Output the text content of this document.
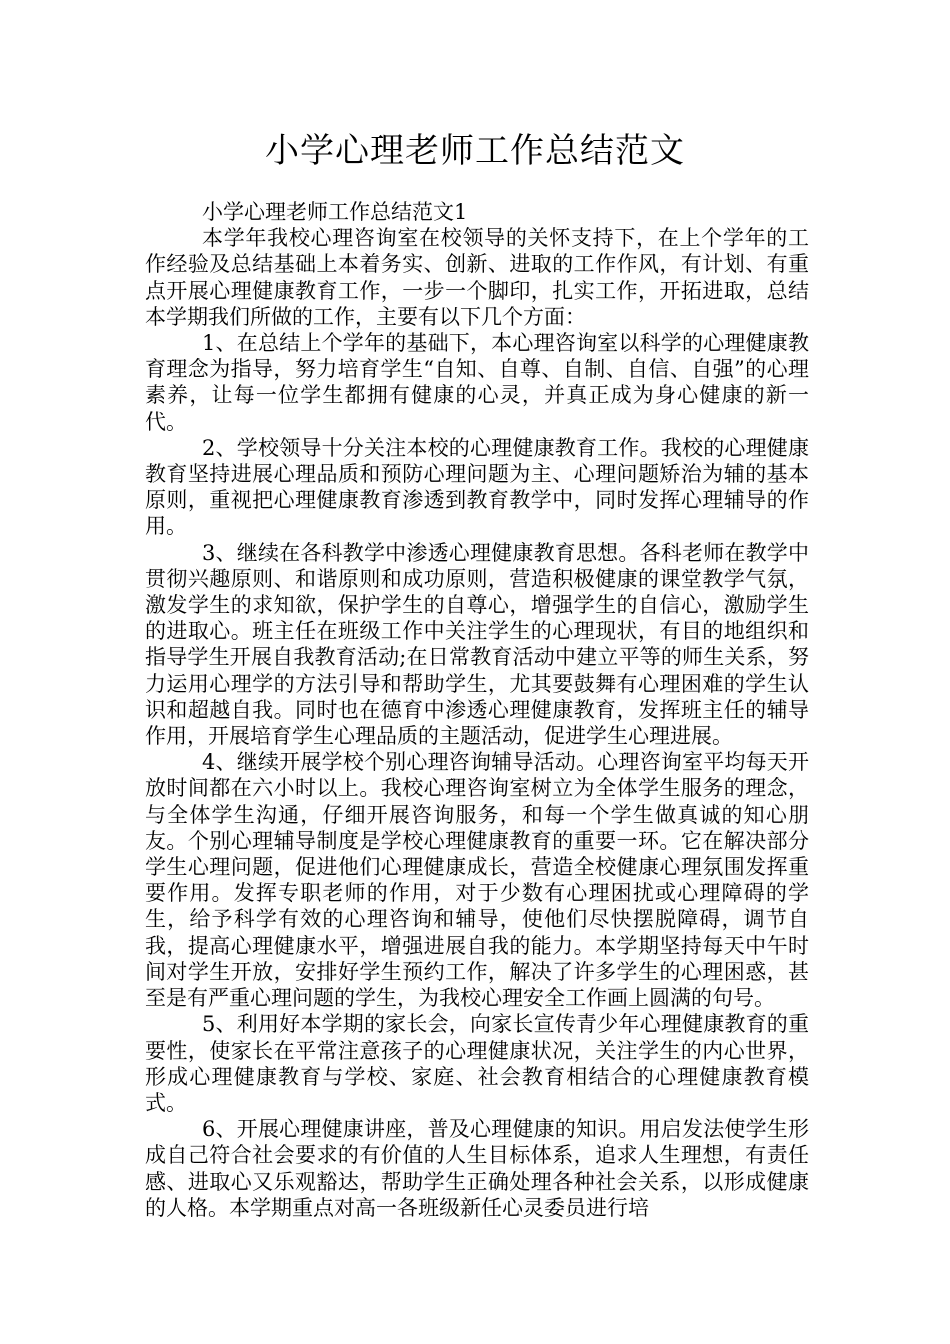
小学心理老师工作总结范文

小学心理老师工作总结范文1

本学年我校心理咨询室在校领导的关怀支持下，在上个学年的工作经验及总结基础上本着务实、创新、进取的工作作风，有计划、有重点开展心理健康教育工作，一步一个脚印，扎实工作，开拓进取，总结本学期我们所做的工作，主要有以下几个方面：

1、在总结上个学年的基础下，本心理咨询室以科学的心理健康教育理念为指导，努力培育学生“自知、自尊、自制、自信、自强”的心理素养，让每一位学生都拥有健康的心灵，并真正成为身心健康的新一代。

2、学校领导十分关注本校的心理健康教育工作。我校的心理健康教育坚持进展心理品质和预防心理问题为主、心理问题矫治为辅的基本原则，重视把心理健康教育渗透到教育教学中，同时发挥心理辅导的作用。

3、继续在各科教学中渗透心理健康教育思想。各科老师在教学中贯彻兴趣原则、和谐原则和成功原则，营造积极健康的课堂教学气氛，激发学生的求知欲，保护学生的自尊心，增强学生的自信心，激励学生的进取心。班主任在班级工作中关注学生的心理现状，有目的地组织和指导学生开展自我教育活动;在日常教育活动中建立平等的师生关系，努力运用心理学的方法引导和帮助学生，尤其要鼓舞有心理困难的学生认识和超越自我。同时也在德育中渗透心理健康教育，发挥班主任的辅导作用，开展培育学生心理品质的主题活动，促进学生心理进展。

4、继续开展学校个别心理咨询辅导活动。心理咨询室平均每天开放时间都在六小时以上。我校心理咨询室树立为全体学生服务的理念，与全体学生沟通，仔细开展咨询服务，和每一个学生做真诚的知心朋友。个别心理辅导制度是学校心理健康教育的重要一环。它在解决部分学生心理问题，促进他们心理健康成长，营造全校健康心理氛围发挥重要作用。发挥专职老师的作用，对于少数有心理困扰或心理障碍的学生，给予科学有效的心理咨询和辅导，使他们尽快摆脱障碍，调节自我，提高心理健康水平，增强进展自我的能力。本学期坚持每天中午时间对学生开放，安排好学生预约工作，解决了许多学生的心理困惑，甚至是有严重心理问题的学生，为我校心理安全工作画上圆满的句号。

5、利用好本学期的家长会，向家长宣传青少年心理健康教育的重要性，使家长在平常注意孩子的心理健康状况，关注学生的内心世界，形成心理健康教育与学校、家庭、社会教育相结合的心理健康教育模式。

6、开展心理健康讲座，普及心理健康的知识。用启发法使学生形成自己符合社会要求的有价值的人生目标体系，追求人生理想，有责任感、进取心又乐观豁达，帮助学生正确处理各种社会关系，以形成健康的人格。本学期重点对高一各班级新任心灵委员进行培
